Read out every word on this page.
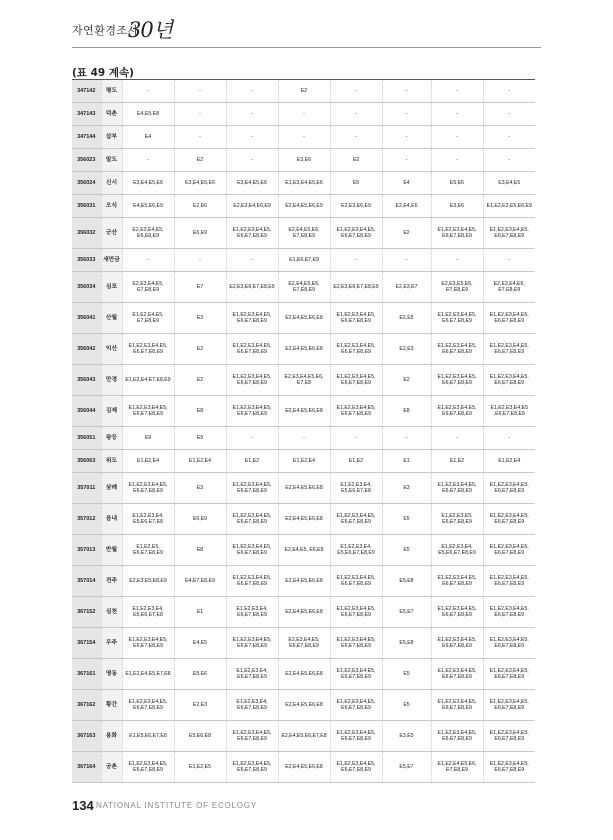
자연환경조사
30년
(표 49 계속)
347142	평도	-	-	-	E2	-	-	-	-
347143	덕촌	E4,E5,E8	-	-	-	-	-	-	-
347144	삽부	E4	-	-	-	-	-	-	-
356023	말도	-	E2	-	E3,E6	E2	-	-	-
356024	신시	E3,E4,E5,E6	E3,E4,E5,E6	E3,E4,E5,E6	E1,E3,E4,E5,E6	E5	E4	E5,E6	E3,E4,E5
356031	오식	E4,E5,E6,E9	E2,E6	E2,E3,E4,E6,E9	E2,E4,E5,E6,E9	E2,E3,E6,E9	E2,E4,E6	E3,E6	E1,E2,E3,E5,E6,E9
356032	군산	E2,E3,E4,E5, E6,E8,E9	E6,E9	E1,E2,E3,E4,E5, E6,E7,E8,E9	E2,E4,E5,E6, E7,E8,E9	E1,E2,E3,E4,E5, E6,E7,E8,E9	E2	E1,E2,E3,E4,E5, E6,E7,E8,E9	E1,E2,E3,E4,E5, E6,E7,E8,E9
356033	새만금	-	-	-	E1,E6,E7,E9	-	-	-	-
356034	심포	E2,E3,E4,E5, E7,E8,E9	E7	E2,E3,E6,E7,E8,E9	E2,E4,E5,E6, E7,E8,E9	E2,E3,E6,E7,E8,E9	E2,E3,E7	E2,E3,E5,E6, E7,E8,E9	E2,E3,E4,E6, E7,E8,E9
356041	산월	E1,E2,E4,E5, E7,E8,E9	E3	E1,E2,E3,E4,E5, E6,E7,E8,E9	E2,E4,E5,E6,E8	E1,E2,E3,E4,E5, E6,E7,E8,E9	E2,E5	E1,E2,E3,E4,E5, E6,E7,E8,E9	E1,E2,E3,E4,E5, E6,E7,E8,E9
356042	익산	E1,E2,E3,E4,E5, E6,E7,E8,E9	E2	E1,E2,E3,E4,E5, E6,E7,E8,E9	E2,E4,E5,E6,E8	E1,E2,E3,E4,E5, E6,E7,E8,E9	E2,E3	E1,E2,E3,E4,E5, E6,E7,E8,E9	E1,E2,E3,E4,E5, E6,E7,E8,E9
356043	만경	E1,E2,E4,E7,E8,E9	E2	E1,E2,E3,E4,E5, E6,E7,E8,E9	E2,E3,E4,E5,E6, E7,E8	E1,E2,E3,E4,E5, E6,E7,E8,E9	E2	E1,E2,E3,E4,E5, E6,E7,E8,E9	E1,E2,E3,E4,E5, E6,E7,E8,E9
356044	김제	E1,E2,E3,E4,E5, E6,E7,E8,E9	E8	E1,E2,E3,E4,E5, E6,E7,E8,E9	E2,E4,E5,E6,E8	E1,E2,E3,E4,E5, E6,E7,E8,E9	E8	E1,E2,E3,E4,E5, E6,E7,E8,E9	E1,E2,E3,E4,E5 ,E6,E7,E8,E9
356051	왕등	E9	E9	-	-	-	-	-	-
356063	위도	E1,E2,E4	E1,E2,E4	E1,E2	E1,E2,E4	E1,E2	E1	E1,E2	E1,E2,E4
357011	삼례	E1,E2,E3,E4,E5, E6,E7,E8,E9	E3	E1,E2,E3,E4,E5, E6,E7,E8,E9	E2,E4,E5,E6,E8	E1,E2,E3,E4, E5,E6,E7,E8	E3	E1,E2,E3,E4,E5, E6,E7,E8,E9	E1,E2,E3,E4,E5, E6,E7,E8,E9
357012	음내	E1,E2,E3,E4, E5,E6,E7,E8	E6,E9	E1,E2,E3,E4,E5, E6,E7,E8,E9	E2,E4,E5,E6,E8	E1,E2,E3,E4,E5, E6,E7,E8,E9	E5	E1,E2,E3,E5, E6,E7,E8,E9	E1,E2,E3,E4,E5, E6,E7,E8,E9
357013	반월	E1,E2,E5, E6,E7,E8,E9	E8	E1,E2,E3,E4,E5, E6,E7,E8,E9	E2,E4,E5, E6,E8	E1,E2,E3,E4, E5,E6,E7,E8,E9	E5	E1,E2,E3,E4, E5,E6,E7,E8,E9	E1,E2,E3,E4,E5, E6,E7,E8,E9
357014	전주	E2,E3,E5,E8,E9	E4,E7,E8,E9	E1,E2,E3,E4,E5, E6,E7,E8,E9	E2,E4,E5,E6,E8	E1,E2,E3,E4,E5, E6,E7,E8,E9	E5,E8	E1,E2,E3,E4,E5, E6,E7,E8,E9	E1,E2,E3,E4,E5, E6,E7,E8,E9
367152	심천	E1,E2,E3,E4, E5,E6,E7,E8	E1	E1,E2,E3,E4, E6,E7,E8,E9	E2,E4,E5,E6,E8	E1,E2,E3,E4,E5, E6,E7,E8,E9	E5,E7	E1,E2,E3,E4,E5, E6,E7,E8,E9	E1,E2,E3,E4,E5, E6,E7,E8,E9
367154	무주	E1,E2,E3,E4,E5, E6,E7,E8,E9	E4,E5	E1,E2,E3,E4,E5, E6,E7,E8,E9	E2,E3,E4,E5, E6,E7,E8,E9	E1,E2,E3,E4,E5, E6,E7,E8,E9	E5,E8	E1,E2,E3,E4,E5, E6,E7,E8,E9	E1,E2,E3,E4,E5, E6,E7,E8,E9
367161	영동	E1,E2,E4,E5,E7,E8	E5,E6	E1,E2,E3,E4, E6,E7,E8,E9	E2,E4,E5,E6,E8	E1,E2,E3,E4,E5, E6,E7,E8,E9	E5	E1,E2,E3,E4,E5, E6,E7,E8,E9	E1,E2,E3,E4,E5, E6,E7,E8,E9
367162	황간	E1,E2,E3,E4,E5, E6,E7,E8,E9	E2,E3	E1,E2,E3,E4, E6,E7,E8,E9	E2,E4,E5,E6,E8	E1,E2,E3,E4,E5, E6,E7,E8,E9	E5	E1,E2,E3,E4,E5, E6,E7,E8,E9	E1,E2,E3,E4,E5, E6,E7,E8,E9
367163	용화	E1,E5,E6,E7,E8	E5,E6,E8	E1,E2,E3,E4,E5, E6,E7,E8,E9	E2,E4,E5,E6,E7,E8	E1,E2,E3,E4,E5, E6,E7,E8,E9	E3,E5	E1,E2,E3,E4,E5, E6,E7,E8,E9	E1,E2,E3,E4,E5, E6,E7,E8,E9
367164	궁촌	E1,E2,E3,E4,E5, E6,E7,E8,E9	E1,E2,E5	E1,E2,E3,E4,E5, E6,E7,E8,E9	E2,E4,E5,E6,E8	E1,E2,E3,E4,E5, E6,E7,E8,E9	E5,E7	E1,E2,E4,E5,E6, E7,E8,E9	E1,E2,E3,E4,E5, E6,E7,E8,E9
134 NATIONAL INSTITUTE OF ECOLOGY
